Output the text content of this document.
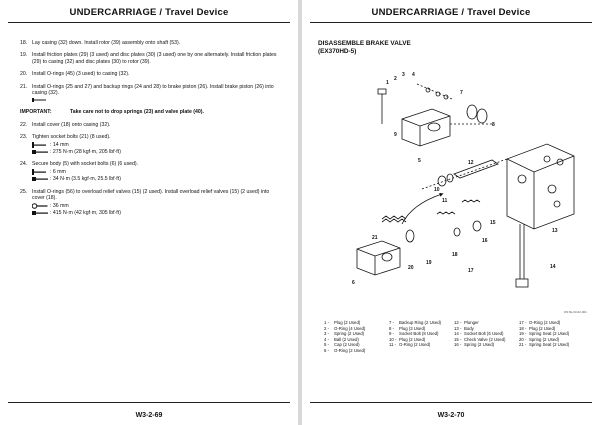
UNDERCARRIAGE / Travel Device
18. Lay casing (32) down. Install rotor (39) assembly onto shaft (53).
19. Install friction plates (29) (3 used) and disc plates (30) (3 used) one by one alternately. Install friction plates (29) to casing (32) and disc plates (30) to rotor (39).
20. Install O-rings (45) (3 used) to casing (32).
21. Install O-rings (25 and 27) and backup rings (24 and 28) to brake piston (26). Install brake piston (26) into casing (32).
IMPORTANT:	Take care not to drop springs (23) and valve plate (40).
22. Install cover (18) onto casing (32).
23. Tighten socket bolts (21) (8 used).
: 14 mm
: 275 N·m (28 kgf·m, 205 lbf·ft)
24. Secure body (5) with socket bolts (6) (6 used).
: 6 mm
: 34 N·m (3.5 kgf·m, 25.5 lbf·ft)
25. Install O-rings (56) to overload relief valves (15) (2 used). Install overload relief valves (15) (2 used) into cover (18).
: 36 mm
: 415 N·m (42 kgf·m, 305 lbf·ft)
W3-2-69
UNDERCARRIAGE / Travel Device
DISASSEMBLE BRAKE VALVE
(EX370HD-5)
1
2
3 4
5
6
7
8
9
10
11
12
13
14
15
16
17
18
19
20
21
W17E-03-02-001
1 -	Plug (2 Used)
2 -	O-Ring (4 Used)
3 -	Spring (2 Used)
4 -	Ball (2 Used)
5 -	Cap (2 Used)
6 -	O-Ring (2 Used)
7 -	Backup Ring (2 Used)
8 -	Plug (3 Used)
9 -	Socket Bolt (8 Used)
10 - Plug (2 Used)
11 - O-Ring (2 Used)
12 - Plunger
13 - Body
14 - Socket Bolt (6 Used)
15 - Check Valve (2 Used)
16 - Spring (2 Used)
17 - O-Ring (2 Used)
18 - Plug (2 Used)
19 - Spring Seat (2 Used)
20 - Spring (2 Used)
21 - Spring Seat (2 Used)
W3-2-70
